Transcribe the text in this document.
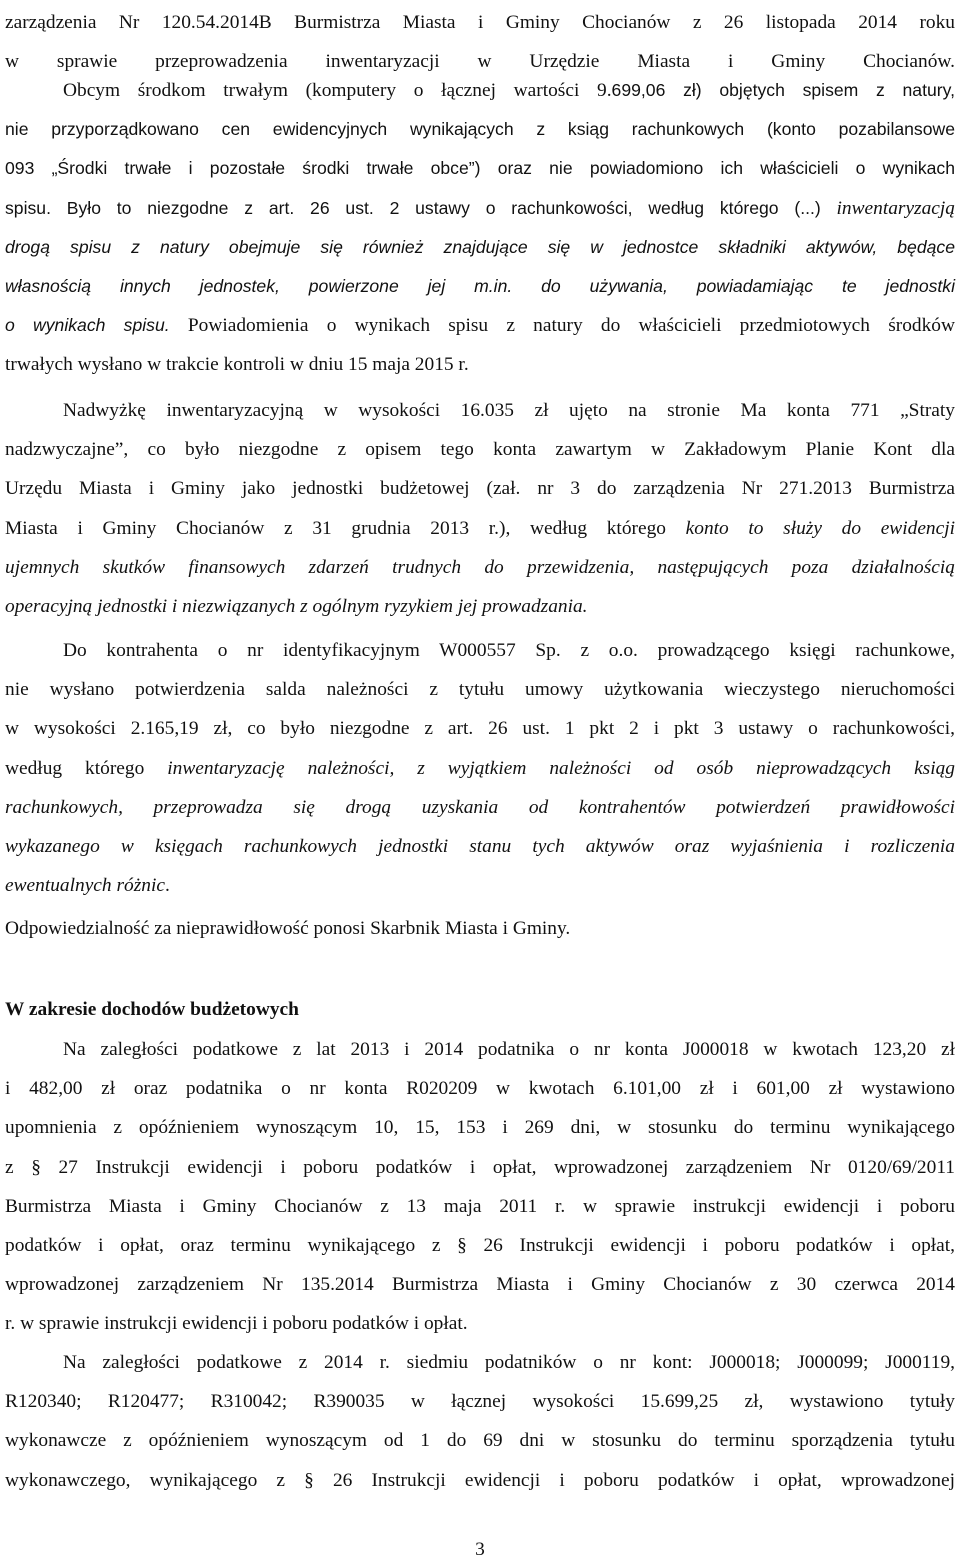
zarządzenia Nr 120.54.2014B Burmistrza Miasta i Gminy Chocianów z 26 listopada 2014 roku
w sprawie przeprowadzenia inwentaryzacji w Urzędzie Miasta i Gminy Chocianów.
Obcym środkom trwałym (komputery o łącznej wartości 9.699,06 zł) objętych spisem z natury,
nie przyporządkowano cen ewidencyjnych wynikających z ksiąg rachunkowych (konto pozabilansowe
093 „Środki trwałe i pozostałe środki trwałe obce”) oraz nie powiadomiono ich właścicieli o wynikach
spisu. Było to niezgodne z art. 26 ust. 2 ustawy o rachunkowości, według którego (...) inwentaryzacją
drogą spisu z natury obejmuje się również znajdujące się w jednostce składniki aktywów, będące
własnością innych jednostek, powierzone jej m.in. do używania, powiadamiając te jednostki
o wynikach spisu. Powiadomienia o wynikach spisu z natury do właścicieli przedmiotowych środków
trwałych wysłano w trakcie kontroli w dniu 15 maja 2015 r.
Nadwyżkę inwentaryzacyjną w wysokości 16.035 zł ujęto na stronie Ma konta 771 „Straty
nadzwyczajne”, co było niezgodne z opisem tego konta zawartym w Zakładowym Planie Kont dla
Urzędu Miasta i Gminy jako jednostki budżetowej (zał. nr 3 do zarządzenia Nr 271.2013 Burmistrza
Miasta i Gminy Chocianów z 31 grudnia 2013 r.), według którego konto to służy do ewidencji
ujemnych skutków finansowych zdarzeń trudnych do przewidzenia, następujących poza działalnością
operacyjną jednostki i niezwiązanych z ogólnym ryzykiem jej prowadzania.
Do kontrahenta o nr identyfikacyjnym W000557 Sp. z o.o. prowadzącego księgi rachunkowe,
nie wysłano potwierdzenia salda należności z tytułu umowy użytkowania wieczystego nieruchomości
w wysokości 2.165,19 zł, co było niezgodne z art. 26 ust. 1 pkt 2 i pkt 3 ustawy o rachunkowości,
według którego inwentaryzację należności, z wyjątkiem należności od osób nieprowadzących ksiąg
rachunkowych, przeprowadza się drogą uzyskania od kontrahentów potwierdzeń prawidłowości
wykazanego w księgach rachunkowych jednostki stanu tych aktywów oraz wyjaśnienia i rozliczenia
ewentualnych różnic.
Odpowiedzialność za nieprawidłowość ponosi Skarbnik Miasta i Gminy.
W zakresie dochodów budżetowych
Na zaległości podatkowe z lat 2013 i 2014 podatnika o nr konta J000018 w kwotach 123,20 zł
i 482,00 zł oraz podatnika o nr konta R020209 w kwotach 6.101,00 zł i 601,00 zł wystawiono
upomnienia z opóźnieniem wynoszącym 10, 15, 153 i 269 dni, w stosunku do terminu wynikającego
z § 27 Instrukcji ewidencji i poboru podatków i opłat, wprowadzonej zarządzeniem Nr 0120/69/2011
Burmistrza Miasta i Gminy Chocianów z 13 maja 2011 r. w sprawie instrukcji ewidencji i poboru
podatków i opłat, oraz terminu wynikającego z § 26 Instrukcji ewidencji i poboru podatków i opłat,
wprowadzonej zarządzeniem Nr 135.2014 Burmistrza Miasta i Gminy Chocianów z 30 czerwca 2014
r. w sprawie instrukcji ewidencji i poboru podatków i opłat.
Na zaległości podatkowe z 2014 r. siedmiu podatników o nr kont: J000018; J000099; J000119,
R120340; R120477; R310042; R390035 w łącznej wysokości 15.699,25 zł, wystawiono tytuły
wykonawcze z opóźnieniem wynoszącym od 1 do 69 dni w stosunku do terminu sporządzenia tytułu
wykonawczego, wynikającego z § 26 Instrukcji ewidencji i poboru podatków i opłat, wprowadzonej
3
